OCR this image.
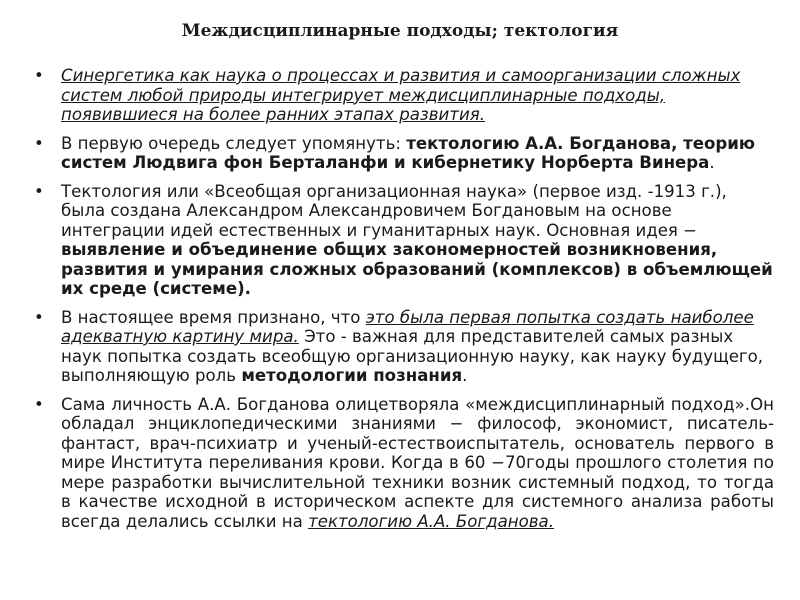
Междисциплинарные подходы; тектология
• Синергетика как наука о процессах и развития и самоорганизации сложных систем любой природы интегрирует междисциплинарные подходы, появившиеся на более ранних этапах развития.
• В первую очередь следует упомянуть: тектологию А.А. Богданова, теорию систем Людвига фон Берталанфи и кибернетику Норберта Винера.
• Тектология или «Всеобщая организационная наука» (первое изд. -1913 г.), была создана Александром Александровичем Богдановым на основе интеграции идей естественных и гуманитарных наук. Основная идея − выявление и объединение общих закономерностей возникновения, развития и умирания сложных образований (комплексов) в объемлющей их среде (системе).
• В настоящее время признано, что это была первая попытка создать наиболее адекватную картину мира. Это - важная для представителей самых разных наук попытка создать всеобщую организационную науку, как науку будущего, выполняющую роль методологии познания.
• Сама личность А.А. Богданова олицетворяла «междисциплинарный подход».Он обладал энциклопедическими знаниями − философ, экономист, писатель-фантаст, врач-психиатр и ученый-естествоиспытатель, основатель первого в мире Института переливания крови. Когда в 60 −70годы прошлого столетия по мере разработки вычислительной техники возник системный подход, то тогда в качестве исходной в историческом аспекте для системного анализа работы всегда делались ссылки на тектологию А.А. Богданова.
